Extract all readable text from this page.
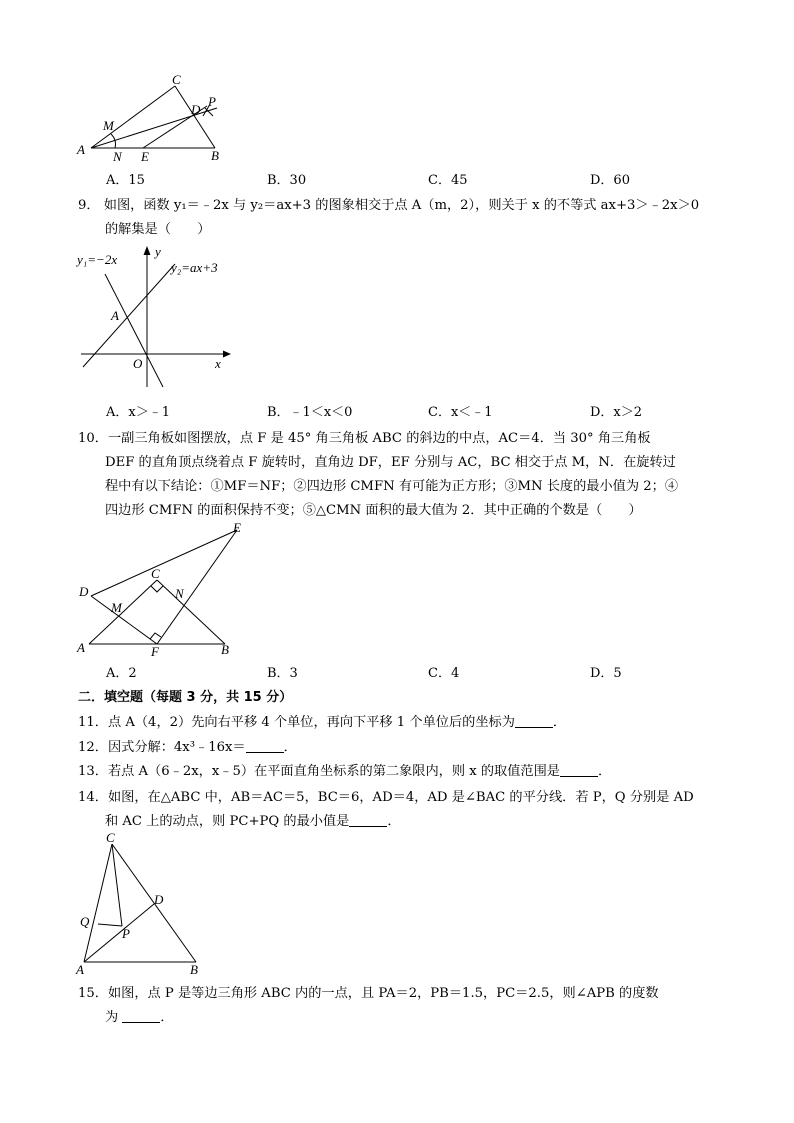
C
M
D
P
A N E	B
A．15	B．30	C．45	D．60
9． 如图，函数 y₁＝﹣2x 与 y₂＝ax+3 的图象相交于点 A（m，2），则关于 x 的不等式 ax+3＞﹣2x＞0
的解集是（　　）
y₁=−2x
y₂=ax+3
y
x
O
A
A．x＞﹣1	B．﹣1＜x＜0	C．x＜﹣1	D．x＞2
10．一副三角板如图摆放，点 F 是 45° 角三角板 ABC 的斜边的中点，AC＝4．当 30° 角三角板
DEF 的直角顶点绕着点 F 旋转时，直角边 DF，EF 分别与 AC，BC 相交于点 M，N．在旋转过
程中有以下结论：①MF＝NF；②四边形 CMFN 有可能为正方形；③MN 长度的最小值为 2；④
四边形 CMFN 的面积保持不变；⑤△CMN 面积的最大值为 2．其中正确的个数是（　　）
E
D
C
M
N
A	F	B
A．2	B．3	C．4	D．5
二．填空题（每题 3 分，共 15 分）
11．点 A（4，2）先向右平移 4 个单位，再向下平移 1 个单位后的坐标为	．
12．因式分解：4x³﹣16x＝	．
13．若点 A（6﹣2x，x﹣5）在平面直角坐标系的第二象限内，则 x 的取值范围是	．
14．如图，在△ABC 中，AB＝AC＝5，BC＝6，AD＝4，AD 是∠BAC 的平分线．若 P，Q 分别是 AD
和 AC 上的动点，则 PC+PQ 的最小值是	．
C
D
Q
P
A	B
15．如图，点 P 是等边三角形 ABC 内的一点，且 PA＝2，PB＝1.5，PC＝2.5，则∠APB 的度数
为	．
